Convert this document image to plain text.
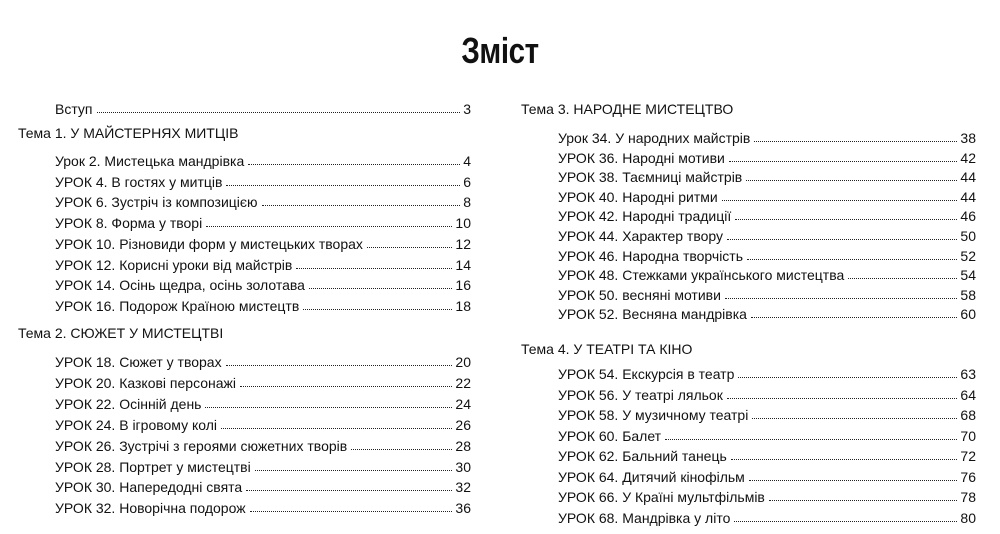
Зміст
Вступ	3
Тема 1. У МАЙСТЕРНЯХ МИТЦІВ
Урок 2. Мистецька мандрівка	4
УРОК 4. В гостях у митців	6
УРОК 6. Зустріч із композицією	8
УРОК 8. Форма у творі	10
УРОК 10. Різновиди форм у мистецьких творах	12
УРОК 12. Корисні уроки від майстрів	14
УРОК 14. Осінь щедра, осінь золотава	16
УРОК 16. Подорож Країною мистецтв	18
Тема 2. СЮЖЕТ У МИСТЕЦТВІ
УРОК 18. Сюжет у творах	20
УРОК 20. Казкові персонажі	22
УРОК 22. Осінній день	24
УРОК 24. В ігровому колі	26
УРОК 26. Зустрічі з героями сюжетних творів	28
УРОК 28. Портрет у мистецтві	30
УРОК 30. Напередодні свята	32
УРОК 32. Новорічна подорож	36
Тема 3. НАРОДНЕ МИСТЕЦТВО
Урок 34. У народних майстрів	38
УРОК 36. Народні мотиви	42
УРОК 38. Таємниці майстрів	44
УРОК 40. Народні ритми	44
УРОК 42. Народні традиції	46
УРОК 44. Характер твору	50
УРОК 46. Народна творчість	52
УРОК 48. Стежками українського мистецтва	54
УРОК 50. весняні мотиви	58
УРОК 52. Весняна мандрівка	60
Тема 4. У ТЕАТРІ ТА КІНО
УРОК 54. Екскурсія в театр	63
УРОК 56. У театрі ляльок	64
УРОК 58. У музичному театрі	68
УРОК 60. Балет	70
УРОК 62. Бальний танець	72
УРОК 64. Дитячий кінофільм	76
УРОК 66. У Країні мультфільмів	78
УРОК 68. Мандрівка у літо	80
